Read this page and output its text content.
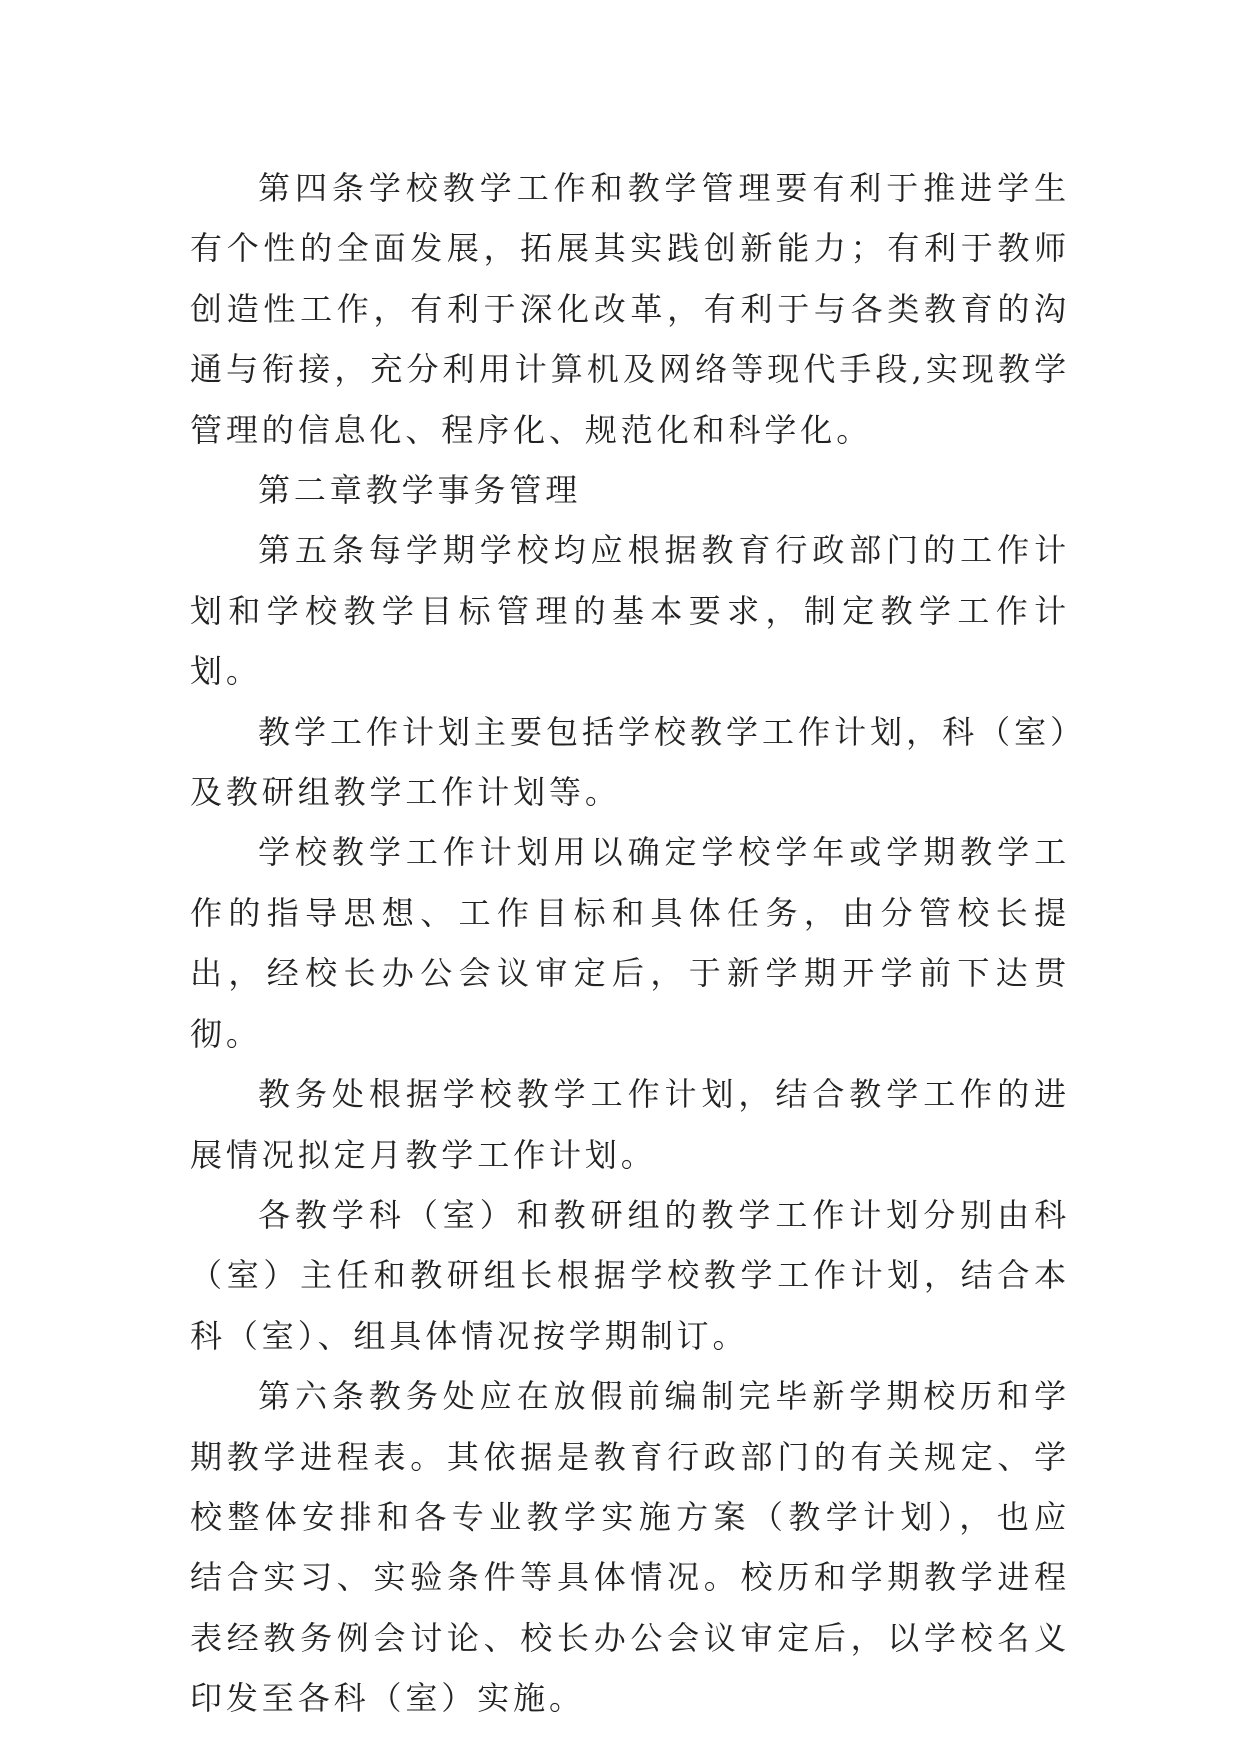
第四条学校教学工作和教学管理要有利于推进学生有个性的全面发展，拓展其实践创新能力；有利于教师创造性工作，有利于深化改革，有利于与各类教育的沟通与衔接，充分利用计算机及网络等现代手段,实现教学管理的信息化、程序化、规范化和科学化。

第二章教学事务管理

第五条每学期学校均应根据教育行政部门的工作计划和学校教学目标管理的基本要求，制定教学工作计划。

教学工作计划主要包括学校教学工作计划，科（室）及教研组教学工作计划等。

学校教学工作计划用以确定学校学年或学期教学工作的指导思想、工作目标和具体任务，由分管校长提出，经校长办公会议审定后，于新学期开学前下达贯彻。

教务处根据学校教学工作计划，结合教学工作的进展情况拟定月教学工作计划。

各教学科（室）和教研组的教学工作计划分别由科（室）主任和教研组长根据学校教学工作计划，结合本科（室）、组具体情况按学期制订。

第六条教务处应在放假前编制完毕新学期校历和学期教学进程表。其依据是教育行政部门的有关规定、学校整体安排和各专业教学实施方案（教学计划），也应结合实习、实验条件等具体情况。校历和学期教学进程表经教务例会讨论、校长办公会议审定后，以学校名义印发至各科（室）实施。
